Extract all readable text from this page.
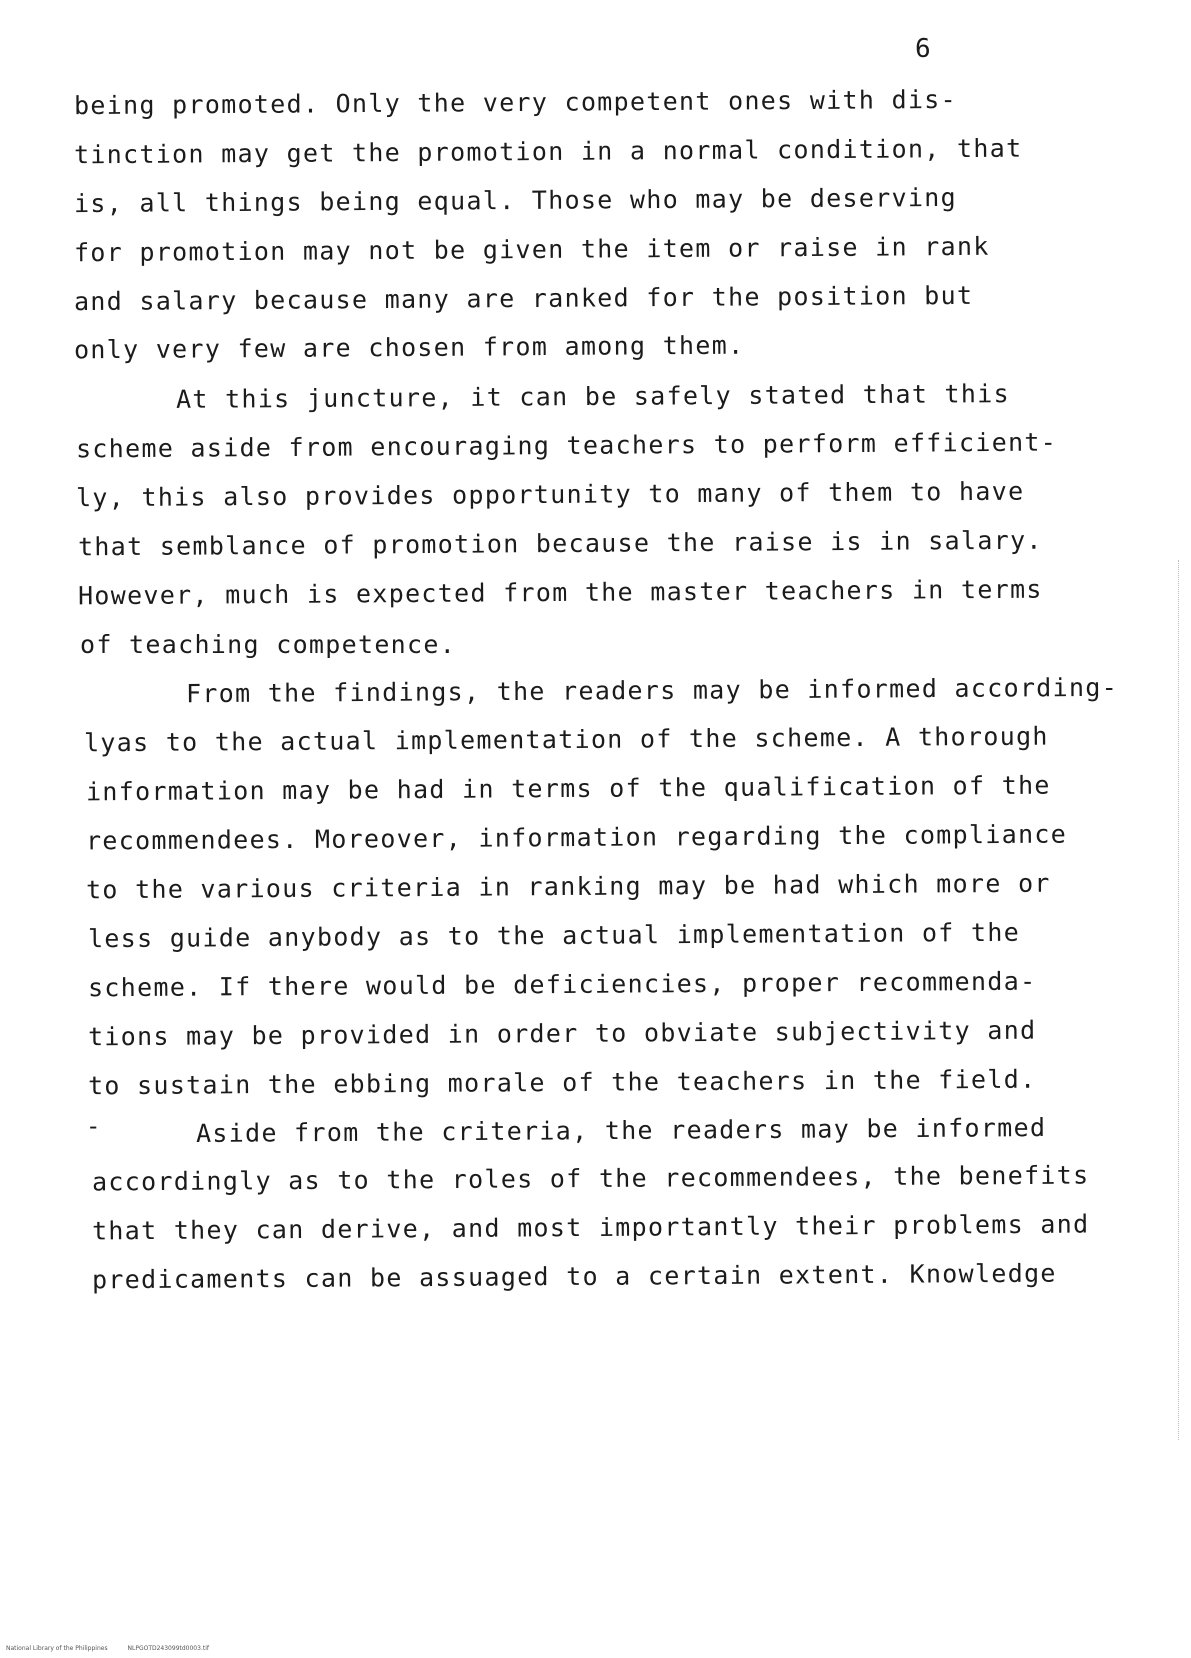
6
being promoted. Only the very competent ones with dis-
tinction may get the promotion in a normal condition, that
is, all things being equal. Those who may be deserving
for promotion may not be given the item or raise in rank
and salary because many are ranked for the position but
only very few are chosen from among them.
At this juncture, it can be safely stated that this
scheme aside from encouraging teachers to perform efficient-
ly, this also provides opportunity to many of them to have
that semblance of promotion because the raise is in salary.
However, much is expected from the master teachers in terms
of teaching competence.
From the findings, the readers may be informed according-
lyas to the actual implementation of the scheme. A thorough
information may be had in terms of the qualification of the
recommendees. Moreover, information regarding the compliance
to the various criteria in ranking may be had which more or
less guide anybody as to the actual implementation of the
scheme. If there would be deficiencies, proper recommenda-
tions may be provided in order to obviate subjectivity and
to sustain the ebbing morale of the teachers in the field.
-	Aside from the criteria, the readers may be informed
accordingly as to the roles of the recommendees, the benefits
that they can derive, and most importantly their problems and
predicaments can be assuaged to a certain extent. Knowledge
National Library of the Philippines	NLPGOTD243099td0003.tif
